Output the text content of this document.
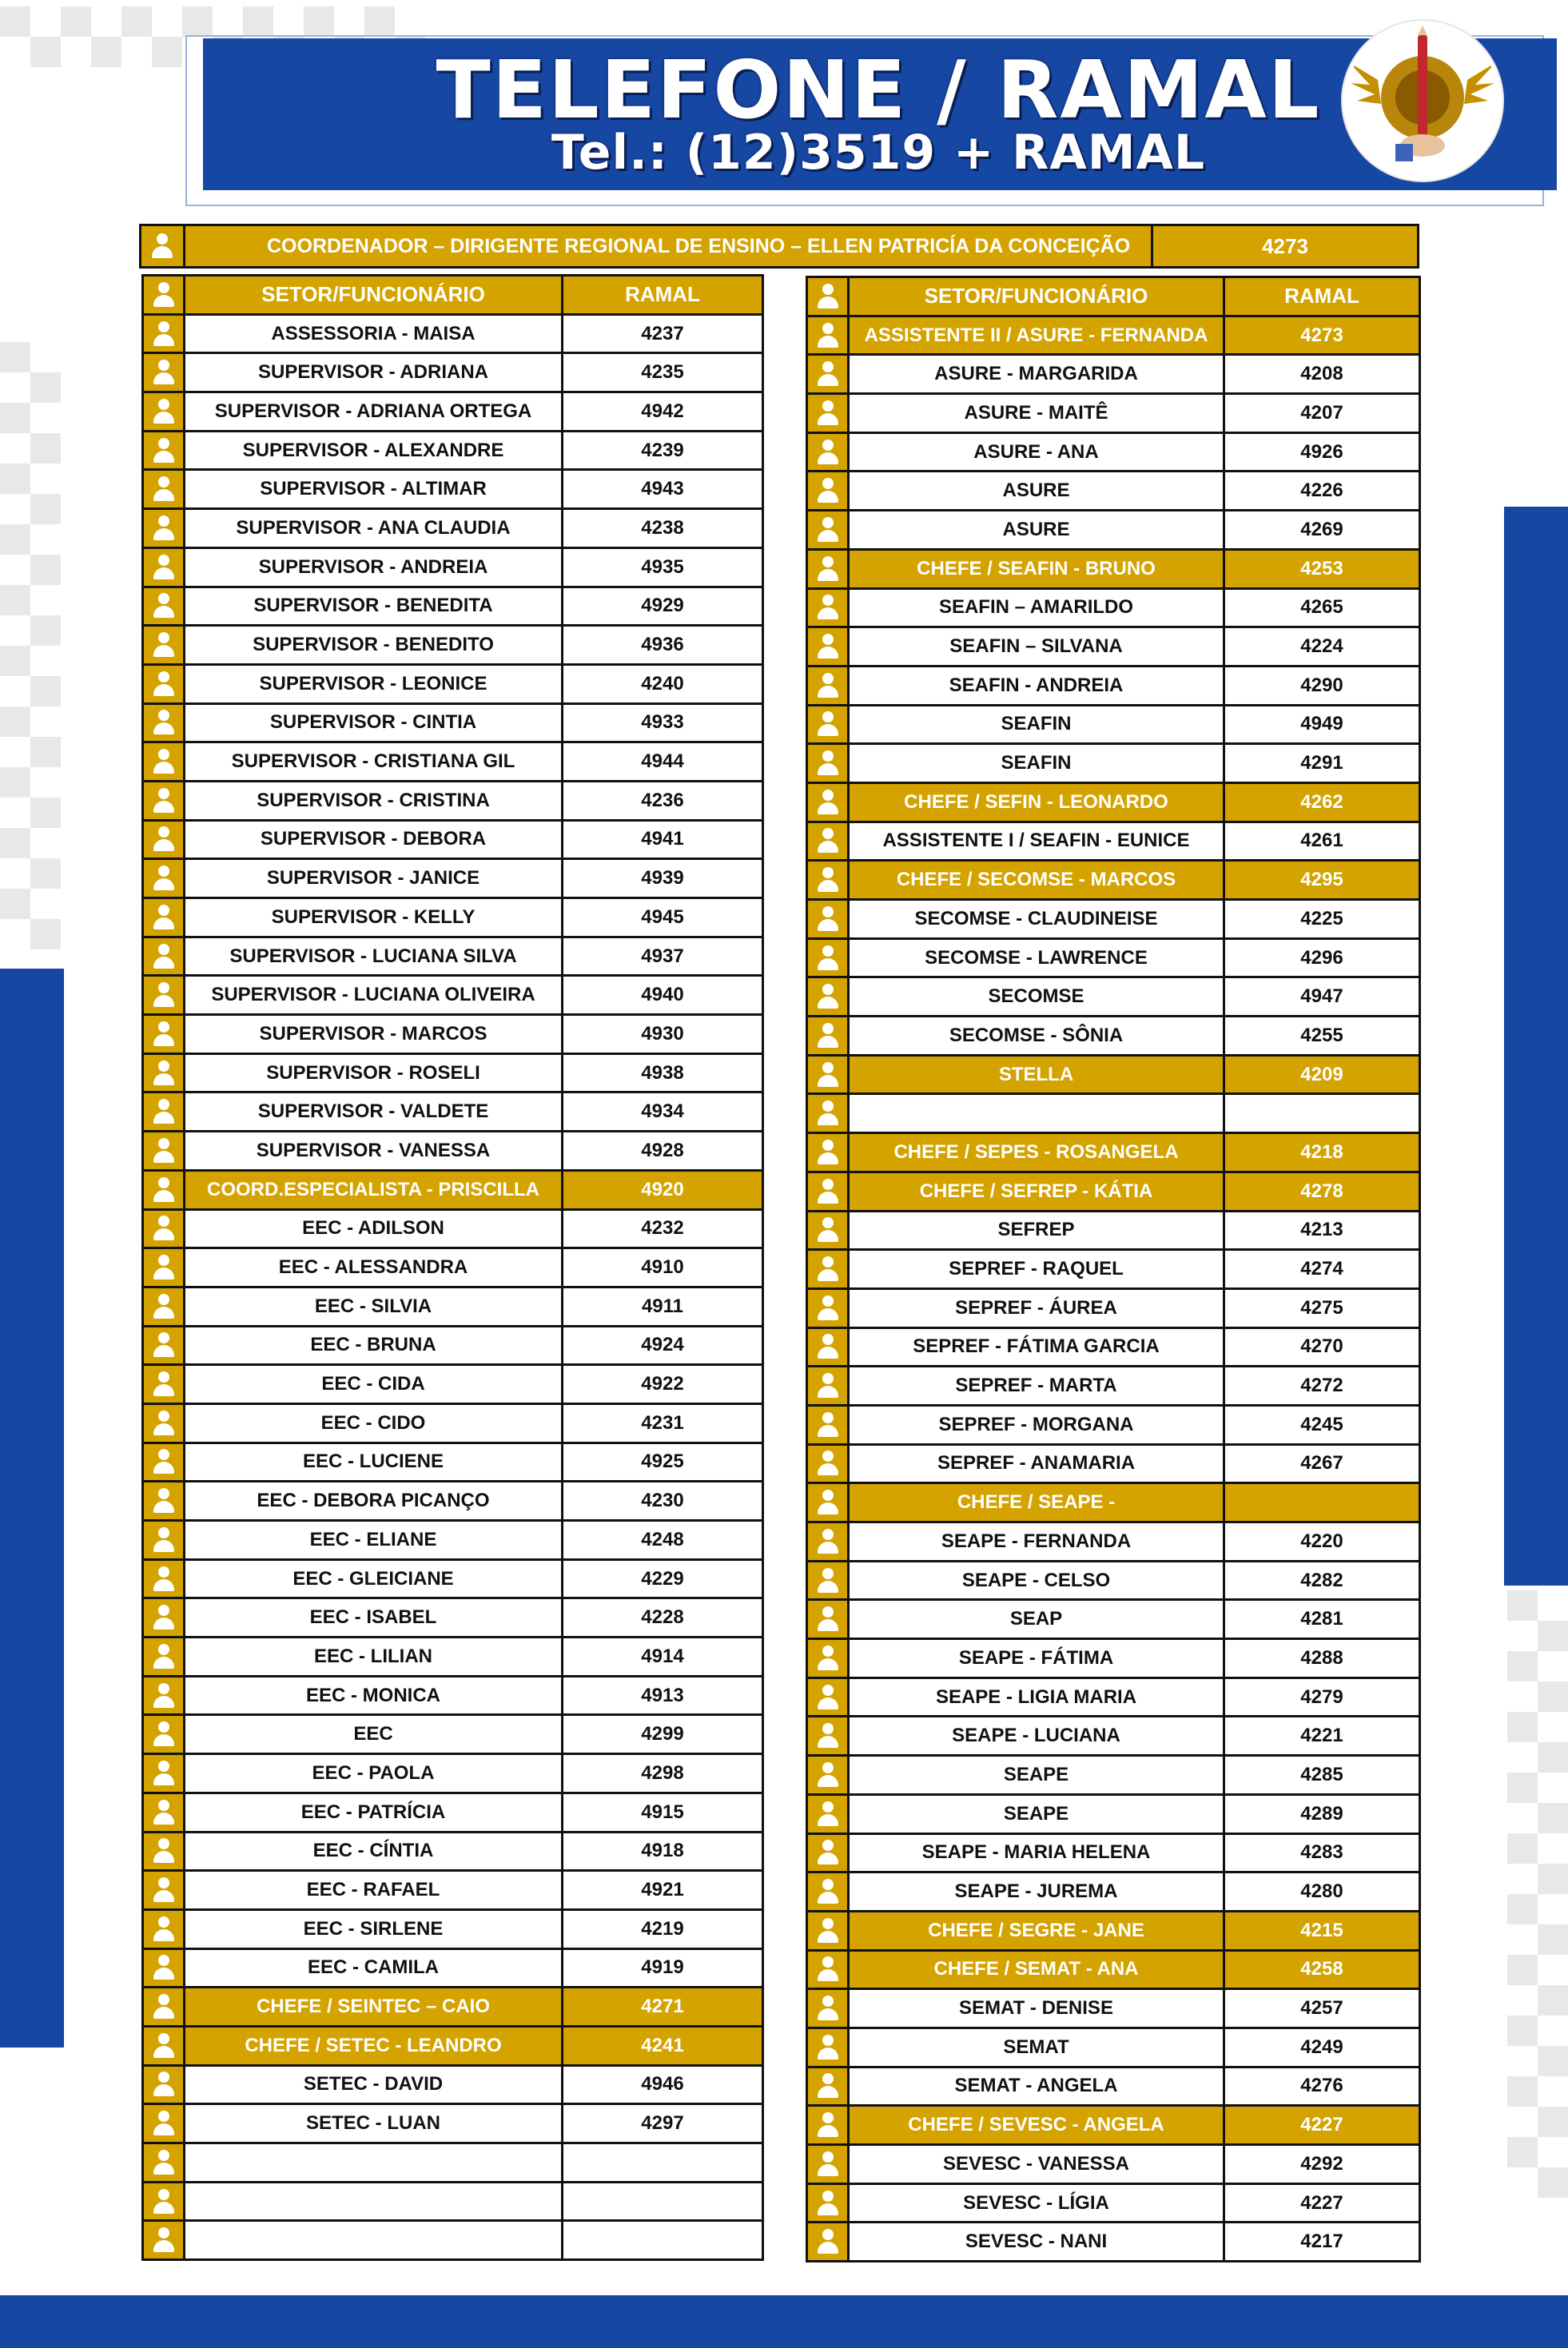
TELEFONE / RAMAL
Tel.: (12)3519 + RAMAL
COORDENADOR – DIRIGENTE REGIONAL DE ENSINO – ELLEN PATRICÍA DA CONCEIÇÃO	4273
SETOR/FUNCIONÁRIO	RAMAL
ASSESSORIA - MAISA	4237
SUPERVISOR - ADRIANA	4235
SUPERVISOR - ADRIANA ORTEGA	4942
SUPERVISOR - ALEXANDRE	4239
SUPERVISOR - ALTIMAR	4943
SUPERVISOR - ANA CLAUDIA	4238
SUPERVISOR - ANDREIA	4935
SUPERVISOR - BENEDITA	4929
SUPERVISOR - BENEDITO	4936
SUPERVISOR - LEONICE	4240
SUPERVISOR - CINTIA	4933
SUPERVISOR - CRISTIANA GIL	4944
SUPERVISOR - CRISTINA	4236
SUPERVISOR - DEBORA	4941
SUPERVISOR - JANICE	4939
SUPERVISOR - KELLY	4945
SUPERVISOR - LUCIANA SILVA	4937
SUPERVISOR - LUCIANA OLIVEIRA	4940
SUPERVISOR - MARCOS	4930
SUPERVISOR - ROSELI	4938
SUPERVISOR - VALDETE	4934
SUPERVISOR - VANESSA	4928
COORD.ESPECIALISTA - PRISCILLA	4920
EEC - ADILSON	4232
EEC - ALESSANDRA	4910
EEC - SILVIA	4911
EEC - BRUNA	4924
EEC - CIDA	4922
EEC - CIDO	4231
EEC - LUCIENE	4925
EEC - DEBORA PICANÇO	4230
EEC - ELIANE	4248
EEC - GLEICIANE	4229
EEC - ISABEL	4228
EEC - LILIAN	4914
EEC - MONICA	4913
EEC	4299
EEC - PAOLA	4298
EEC - PATRÍCIA	4915
EEC - CÍNTIA	4918
EEC - RAFAEL	4921
EEC - SIRLENE	4219
EEC - CAMILA	4919
CHEFE / SEINTEC – CAIO	4271
CHEFE / SETEC - LEANDRO	4241
SETEC - DAVID	4946
SETEC - LUAN	4297
SETOR/FUNCIONÁRIO	RAMAL
ASSISTENTE II / ASURE - FERNANDA	4273
ASURE - MARGARIDA	4208
ASURE - MAITÊ	4207
ASURE - ANA	4926
ASURE	4226
ASURE	4269
CHEFE / SEAFIN - BRUNO	4253
SEAFIN – AMARILDO	4265
SEAFIN – SILVANA	4224
SEAFIN - ANDREIA	4290
SEAFIN	4949
SEAFIN	4291
CHEFE / SEFIN - LEONARDO	4262
ASSISTENTE I / SEAFIN - EUNICE	4261
CHEFE / SECOMSE - MARCOS	4295
SECOMSE - CLAUDINEISE	4225
SECOMSE - LAWRENCE	4296
SECOMSE	4947
SECOMSE - SÔNIA	4255
STELLA	4209
CHEFE / SEPES - ROSANGELA	4218
CHEFE / SEFREP - KÁTIA	4278
SEFREP	4213
SEPREF - RAQUEL	4274
SEPREF - ÁUREA	4275
SEPREF - FÁTIMA GARCIA	4270
SEPREF - MARTA	4272
SEPREF - MORGANA	4245
SEPREF - ANAMARIA	4267
CHEFE / SEAPE -
SEAPE - FERNANDA	4220
SEAPE - CELSO	4282
SEAP	4281
SEAPE - FÁTIMA	4288
SEAPE - LIGIA MARIA	4279
SEAPE - LUCIANA	4221
SEAPE	4285
SEAPE	4289
SEAPE - MARIA HELENA	4283
SEAPE - JUREMA	4280
CHEFE / SEGRE - JANE	4215
CHEFE / SEMAT - ANA	4258
SEMAT - DENISE	4257
SEMAT	4249
SEMAT - ANGELA	4276
CHEFE / SEVESC - ANGELA	4227
SEVESC - VANESSA	4292
SEVESC - LÍGIA	4227
SEVESC - NANI	4217
